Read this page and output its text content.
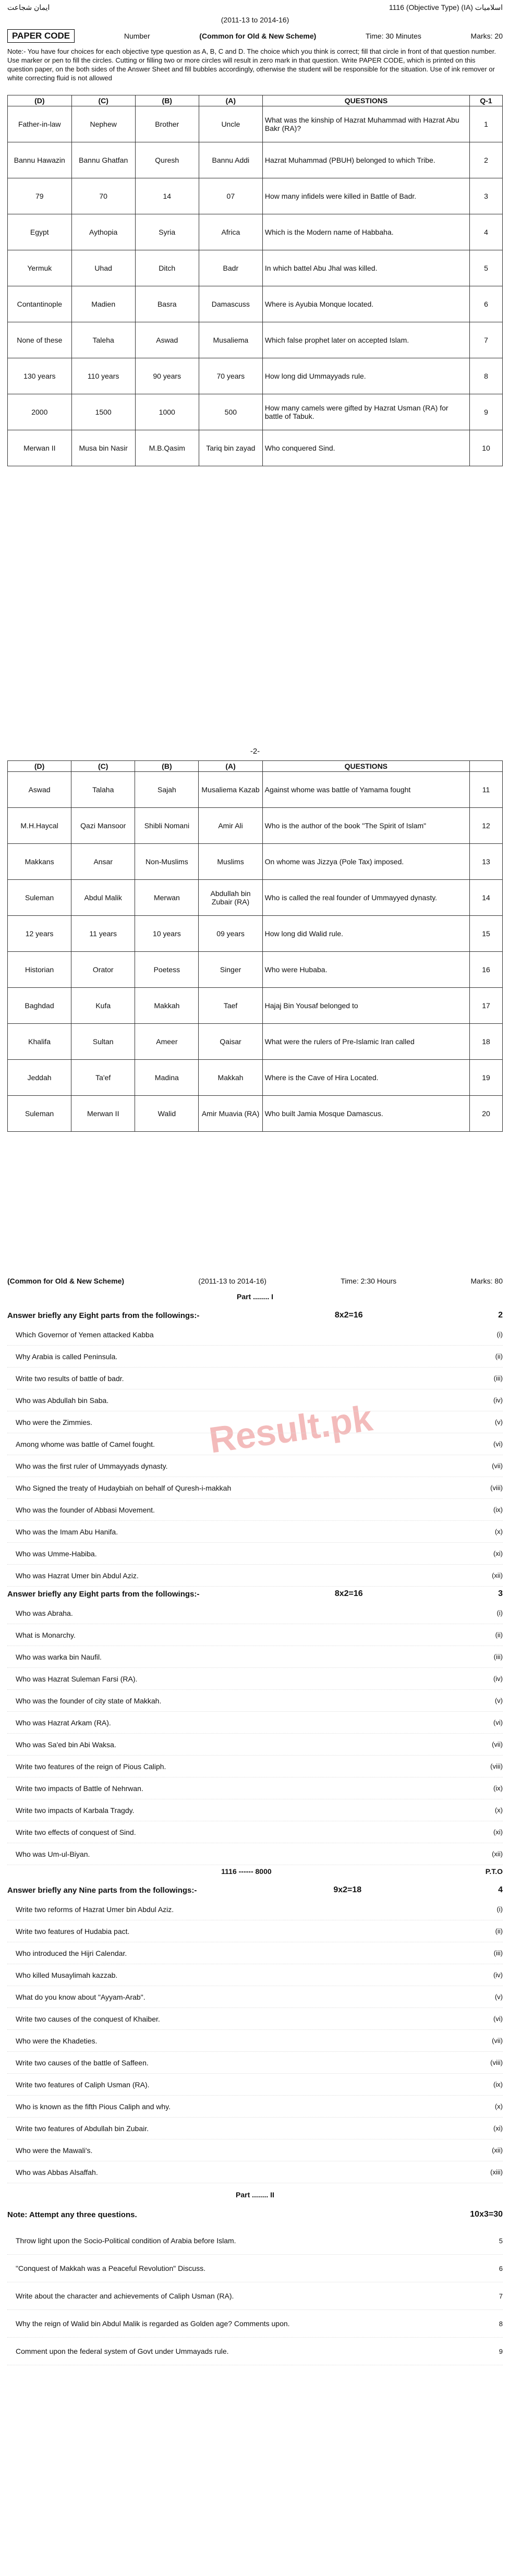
ایمان شجاعت	1116 (Objective Type) (IA) اسلامیات
(2011-13 to 2014-16)
PAPER CODE	Number	(Common for Old & New Scheme)	Time: 30 Minutes	Marks: 20
Note:- You have four choices for each objective type question as A, B, C and D. The choice which you think is correct; fill that circle in front of that question number. Use marker or pen to fill the circles. Cutting or filling two or more circles will result in zero mark in that question. Write PAPER CODE, which is printed on this question paper, on the both sides of the Answer Sheet and fill bubbles accordingly, otherwise the student will be responsible for the situation. Use of ink remover or white correcting fluid is not allowed
(D)	(C)	(B)	(A)	QUESTIONS	Q-1
Father-in-law	Nephew	Brother	Uncle	What was the kinship of Hazrat Muhammad with Hazrat Abu Bakr (RA)?	1
Bannu Hawazin	Bannu Ghatfan	Quresh	Bannu Addi	Hazrat Muhammad (PBUH) belonged to which Tribe.	2
79	70	14	07	How many infidels were killed in Battle of Badr.	3
Egypt	Aythopia	Syria	Africa	Which is the Modern name of Habbaha.	4
Yermuk	Uhad	Ditch	Badr	In which battel Abu Jhal was killed.	5
Contantinople	Madien	Basra	Damascuss	Where is Ayubia Monque located.	6
None of these	Taleha	Aswad	Musaliema	Which false prophet later on accepted Islam.	7
130 years	110 years	90 years	70 years	How long did Ummayyads rule.	8
2000	1500	1000	500	How many camels were gifted by Hazrat Usman (RA) for battle of Tabuk.	9
Merwan II	Musa bin Nasir	M.B.Qasim	Tariq bin zayad	Who conquered Sind.	10
-2-
(D)	(C)	(B)	(A)	QUESTIONS	
Aswad	Talaha	Sajah	Musaliema Kazab	Against whome was battle of Yamama fought	11
M.H.Haycal	Qazi Mansoor	Shibli Nomani	Amir Ali	Who is the author of the book "The Spirit of Islam"	12
Makkans	Ansar	Non-Muslims	Muslims	On whome was Jizzya (Pole Tax) imposed.	13
Suleman	Abdul Malik	Merwan	Abdullah bin Zubair (RA)	Who is called the real founder of Ummayyed dynasty.	14
12 years	11 years	10 years	09 years	How long did Walid rule.	15
Historian	Orator	Poetess	Singer	Who were Hubaba.	16
Baghdad	Kufa	Makkah	Taef	Hajaj Bin Yousaf belonged to	17
Khalifa	Sultan	Ameer	Qaisar	What were the rulers of Pre-Islamic Iran called	18
Jeddah	Ta'ef	Madina	Makkah	Where is the Cave of Hira Located.	19
Suleman	Merwan II	Walid	Amir Muavia (RA)	Who built Jamia Mosque Damascus.	20
(Common for Old & New Scheme)	(2011-13 to 2014-16)	Time: 2:30 Hours	Marks: 80
Part ........ I
Result.pk
Answer briefly any Eight parts from the followings:-	8x2=16	2
Which Governor of Yemen attacked Kabba	(i)
Why Arabia is called Peninsula.	(ii)
Write two results of battle of badr.	(iii)
Who was Abdullah bin Saba.	(iv)
Who were the Zimmies.	(v)
Among whome was battle of Camel fought.	(vi)
Who was the first ruler of Ummayyads dynasty.	(vii)
Who Signed the treaty of Hudaybiah on behalf of Quresh-i-makkah	(viii)
Who was the founder of Abbasi Movement.	(ix)
Who was the Imam Abu Hanifa.	(x)
Who was Umme-Habiba.	(xi)
Who was Hazrat Umer bin Abdul Aziz.	(xii)
Answer briefly any Eight parts from the followings:-	8x2=16	3
Who was Abraha.	(i)
What is Monarchy.	(ii)
Who was warka bin Naufil.	(iii)
Who was Hazrat Suleman Farsi (RA).	(iv)
Who was the founder of city state of Makkah.	(v)
Who was Hazrat Arkam (RA).	(vi)
Who was Sa'ed bin Abi Waksa.	(vii)
Write two features of the reign of Pious Caliph.	(viii)
Write two impacts of Battle of Nehrwan.	(ix)
Write two impacts of Karbala Tragdy.	(x)
Write two effects of conquest of Sind.	(xi)
Who was Um-ul-Biyan.	(xii)
1116 ------ 8000	P.T.O
Answer briefly any Nine parts from the followings:-	9x2=18	4
Write two reforms of Hazrat Umer bin Abdul Aziz.	(i)
Write two features of Hudabia pact.	(ii)
Who introduced the Hijri Calendar.	(iii)
Who killed Musaylimah kazzab.	(iv)
What do you know about "Ayyam-Arab".	(v)
Write two causes of the conquest of Khaiber.	(vi)
Who were the Khadeties.	(vii)
Write two causes of the battle of Saffeen.	(viii)
Write two features of Caliph Usman (RA).	(ix)
Who is known as the fifth Pious Caliph and why.	(x)
Write two features of Abdullah bin Zubair.	(xi)
Who were the Mawali's.	(xii)
Who was Abbas Alsaffah.	(xiii)
Part ........ II
Note: Attempt any three questions.	10x3=30
Throw light upon the Socio-Political condition of Arabia before Islam.	5
"Conquest of Makkah was a Peaceful Revolution" Discuss.	6
Write about the character and achievements of Caliph Usman (RA).	7
Why the reign of Walid bin Abdul Malik is regarded as Golden age? Comments upon.	8
Comment upon the federal system of Govt under Ummayads rule.	9
